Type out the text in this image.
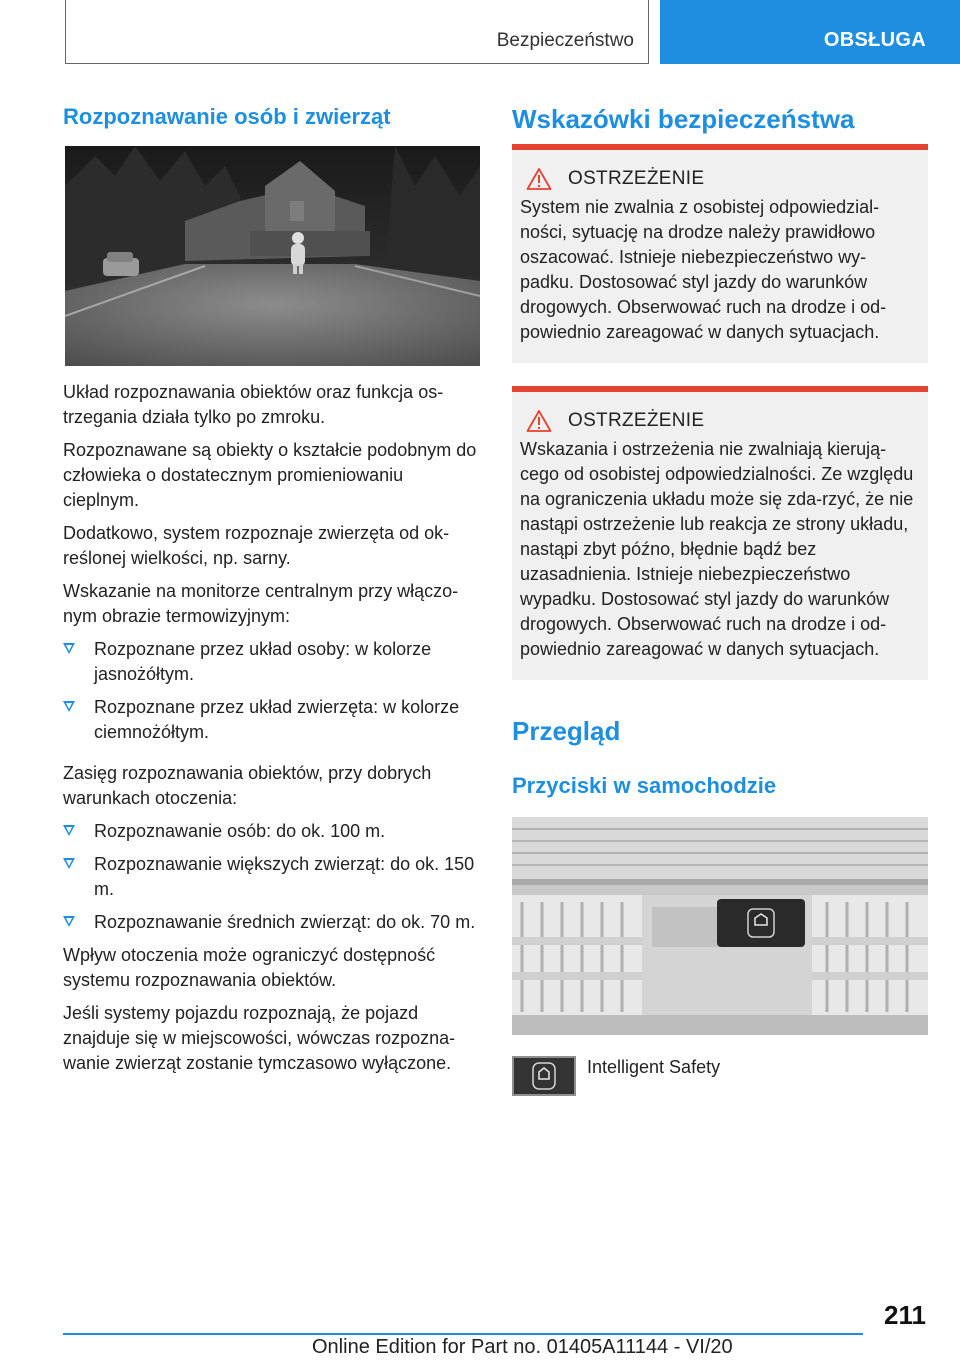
Bezpieczeństwo	OBSŁUGA
Rozpoznawanie osób i zwierząt

Układ rozpoznawania obiektów oraz funkcja os-trzegania działa tylko po zmroku.

Rozpoznawane są obiekty o kształcie podobnym do człowieka o dostatecznym promieniowaniu cieplnym.

Dodatkowo, system rozpoznaje zwierzęta od ok-reślonej wielkości, np. sarny.

Wskazanie na monitorze centralnym przy włączo-nym obrazie termowizyjnym:

Rozpoznane przez układ osoby: w kolorze jasnożółtym.
Rozpoznane przez układ zwierzęta: w kolorze ciemnożółtym.

Zasięg rozpoznawania obiektów, przy dobrych warunkach otoczenia:

Rozpoznawanie osób: do ok. 100 m.
Rozpoznawanie większych zwierząt: do ok. 150 m.
Rozpoznawanie średnich zwierząt: do ok. 70 m.

Wpływ otoczenia może ograniczyć dostępność systemu rozpoznawania obiektów.

Jeśli systemy pojazdu rozpoznają, że pojazd znajduje się w miejscowości, wówczas rozpozna-wanie zwierząt zostanie tymczasowo wyłączone.

Wskazówki bezpieczeństwa
OSTRZEŻENIE
System nie zwalnia z osobistej odpowiedzial-ności, sytuację na drodze należy prawidłowo oszacować. Istnieje niebezpieczeństwo wy-padku. Dostosować styl jazdy do warunków drogowych. Obserwować ruch na drodze i od-powiednio zareagować w danych sytuacjach.
OSTRZEŻENIE
Wskazania i ostrzeżenia nie zwalniają kierują-cego od osobistej odpowiedzialności. Ze względu na ograniczenia układu może się zda-rzyć, że nie nastąpi ostrzeżenie lub reakcja ze strony układu, nastąpi zbyt późno, błędnie bądź bez uzasadnienia. Istnieje niebezpieczeństwo wypadku. Dostosować styl jazdy do warunków drogowych. Obserwować ruch na drodze i od-powiednio zareagować w danych sytuacjach.
Przegląd
Przyciski w samochodzie
Intelligent Safety
211
Online Edition for Part no. 01405A11144 - VI/20
